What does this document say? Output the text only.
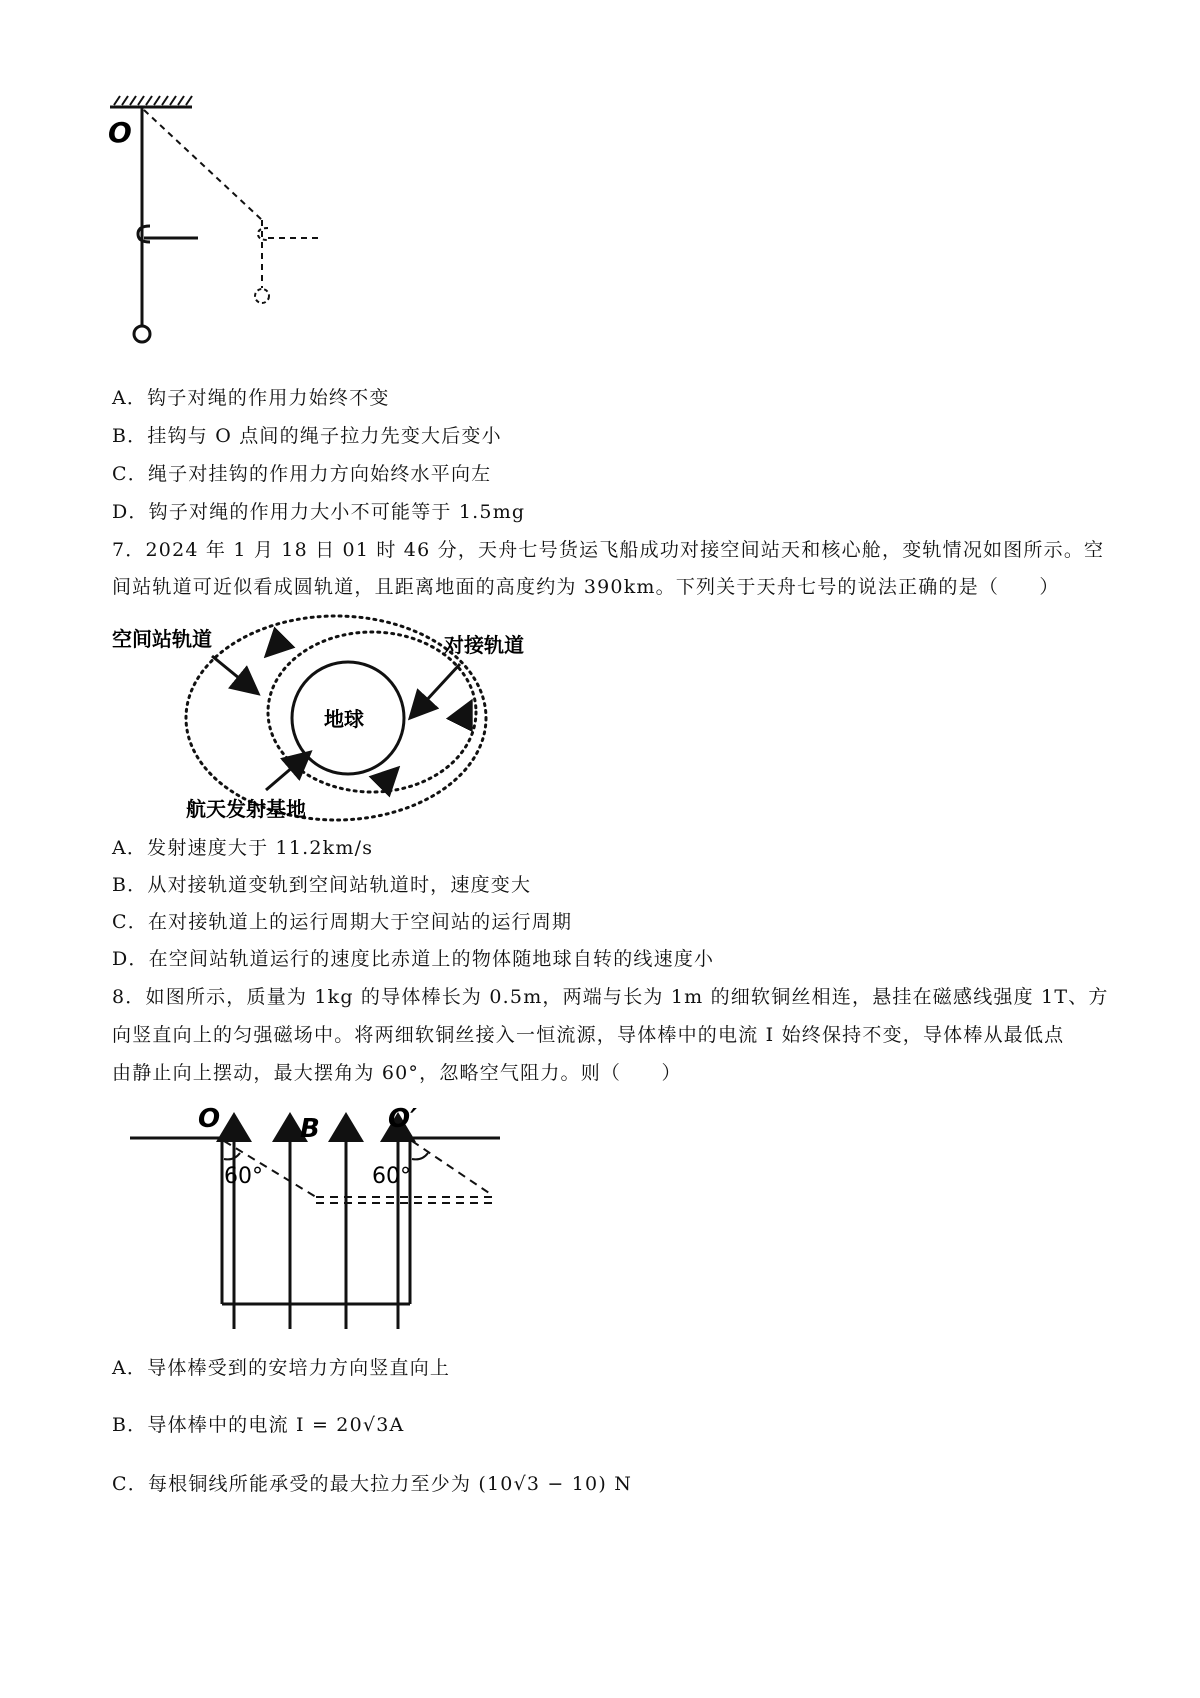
O
A．钩子对绳的作用力始终不变
B．挂钩与 O 点间的绳子拉力先变大后变小
C．绳子对挂钩的作用力方向始终水平向左
D．钩子对绳的作用力大小不可能等于 1.5mg
7．2024 年 1 月 18 日 01 时 46 分，天舟七号货运飞船成功对接空间站天和核心舱，变轨情况如图所示。空
间站轨道可近似看成圆轨道，且距离地面的高度约为 390km。下列关于天舟七号的说法正确的是（　　）
地球
空间站轨道	对接轨道
航天发射基地
A．发射速度大于 11.2km/s
B．从对接轨道变轨到空间站轨道时，速度变大
C．在对接轨道上的运行周期大于空间站的运行周期
D．在空间站轨道运行的速度比赤道上的物体随地球自转的线速度小
8．如图所示，质量为 1kg 的导体棒长为 0.5m，两端与长为 1m 的细软铜丝相连，悬挂在磁感线强度 1T、方
向竖直向上的匀强磁场中。将两细软铜丝接入一恒流源，导体棒中的电流 I 始终保持不变，导体棒从最低点
由静止向上摆动，最大摆角为 60°，忽略空气阻力。则（　　）
O	B	O′
60°	60°
A．导体棒受到的安培力方向竖直向上
B．导体棒中的电流 I = 20√3A
C．每根铜线所能承受的最大拉力至少为 (10√3 − 10) N
